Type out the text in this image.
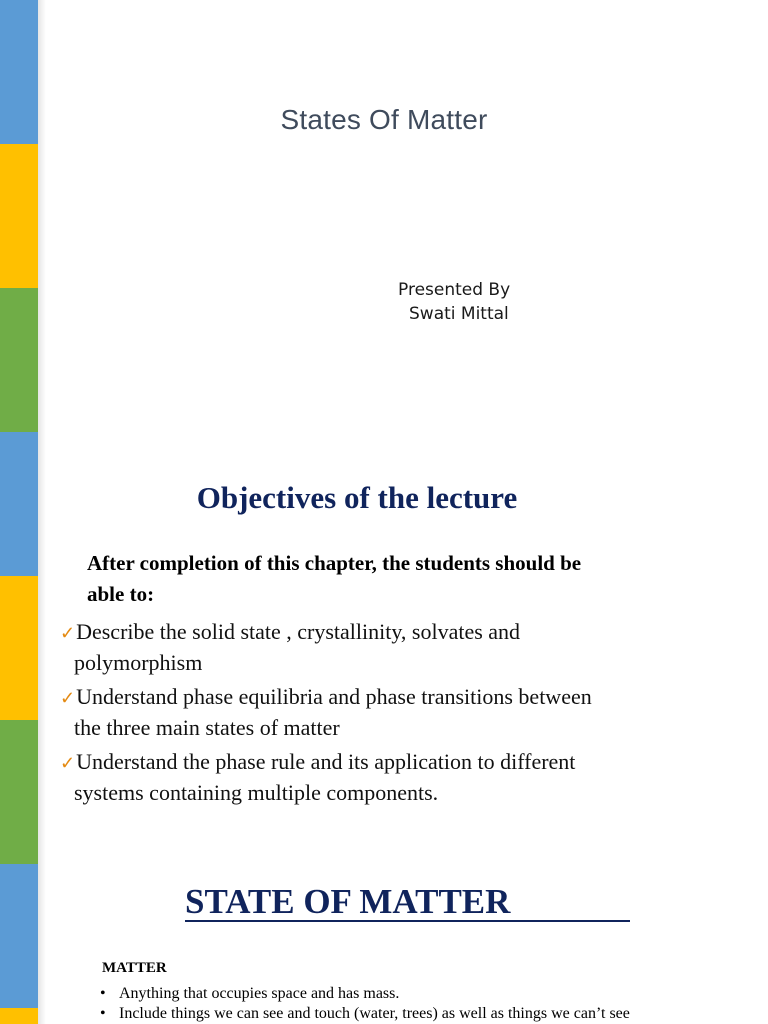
States Of Matter
Presented By
Swati Mittal
Objectives of the lecture
After completion of this chapter, the students should be
able to:
✓Describe the solid state , crystallinity, solvates and
polymorphism
✓Understand phase equilibria and phase transitions between
the three main states of matter
✓Understand the phase rule and its application to different
systems containing multiple components.
STATE OF MATTER
MATTER
• Anything that occupies space and has mass.
• Include things we can see and touch (water, trees) as well as things we can’t see
